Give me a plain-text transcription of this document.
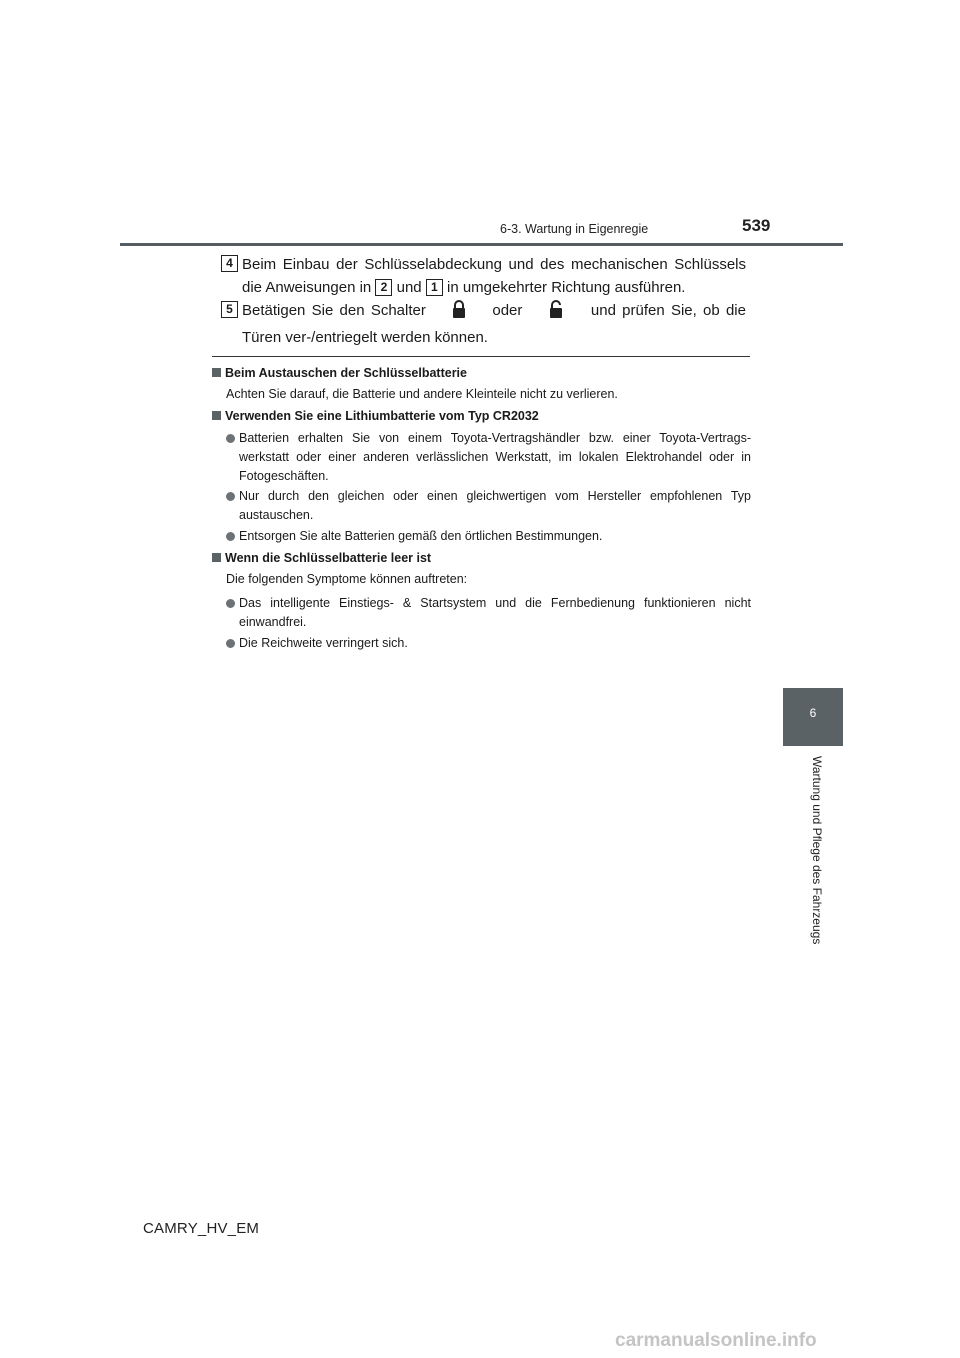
6-3. Wartung in Eigenregie	539
6
Wartung und Pflege des Fahrzeugs
4 Beim Einbau der Schlüsselabdeckung und des mechanischen Schlüssels die Anweisungen in 2 und 1 in umgekehrter Richtung ausführen.
5 Betätigen Sie den Schalter	oder	und prüfen Sie, ob die Türen ver-/entriegelt werden können.
Beim Austauschen der Schlüsselbatterie
Achten Sie darauf, die Batterie und andere Kleinteile nicht zu verlieren.
Verwenden Sie eine Lithiumbatterie vom Typ CR2032
Batterien erhalten Sie von einem Toyota-Vertragshändler bzw. einer Toyota-Vertrags-werkstatt oder einer anderen verlässlichen Werkstatt, im lokalen Elektrohandel oder in Fotogeschäften.
Nur durch den gleichen oder einen gleichwertigen vom Hersteller empfohlenen Typ austauschen.
Entsorgen Sie alte Batterien gemäß den örtlichen Bestimmungen.
Wenn die Schlüsselbatterie leer ist
Die folgenden Symptome können auftreten:
Das intelligente Einstiegs- & Startsystem und die Fernbedienung funktionieren nicht einwandfrei.
Die Reichweite verringert sich.
CAMRY_HV_EM
carmanualsonline.info
